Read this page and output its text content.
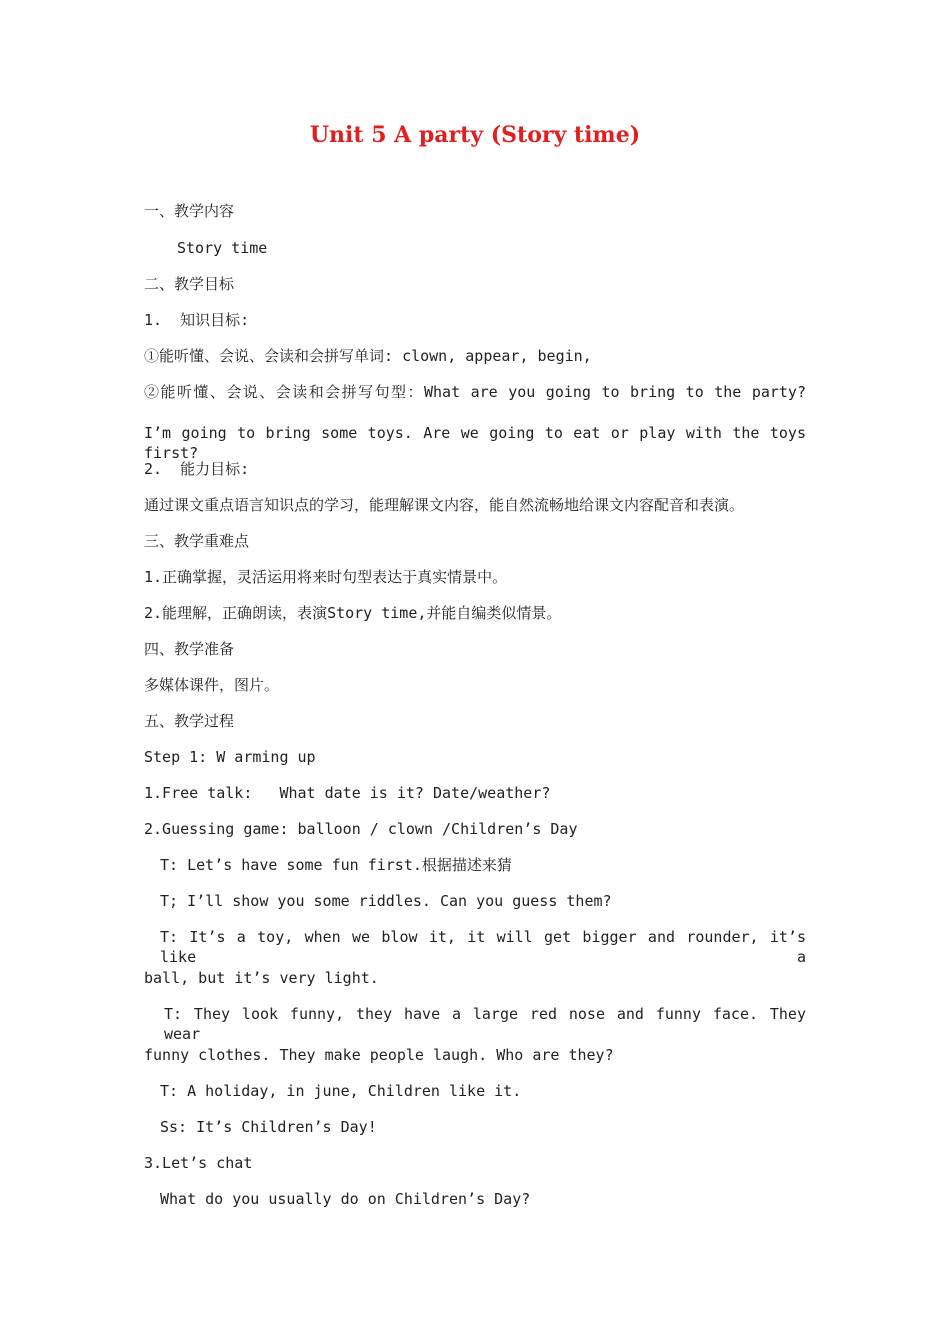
Unit 5 A party (Story time)
一、教学内容
Story time
二、教学目标
1.  知识目标:
①能听懂、会说、会读和会拼写单词: clown, appear, begin,
②能听懂、会说、会读和会拼写句型：What are you going to bring to the party?
I’m going to bring some toys. Are we going to eat or play with the toys first?
2.  能力目标:
通过课文重点语言知识点的学习，能理解课文内容，能自然流畅地给课文内容配音和表演。
三、教学重难点
1.正确掌握，灵活运用将来时句型表达于真实情景中。
2.能理解，正确朗读，表演Story time,并能自编类似情景。
四、教学准备
多媒体课件，图片。
五、教学过程
Step 1: W arming up
1.Free talk:   What date is it? Date/weather?
2.Guessing game: balloon / clown /Children’s Day
T: Let’s have some fun first.根据描述来猜
T; I’ll show you some riddles. Can you guess them?
T: It’s a toy, when we blow it, it will get bigger and rounder, it’s like a
ball, but it’s very light.
T: They look funny, they have a large red nose and funny face. They wear
funny clothes. They make people laugh. Who are they?
T: A holiday, in june, Children like it.
Ss: It’s Children’s Day!
3.Let’s chat
What do you usually do on Children’s Day?
